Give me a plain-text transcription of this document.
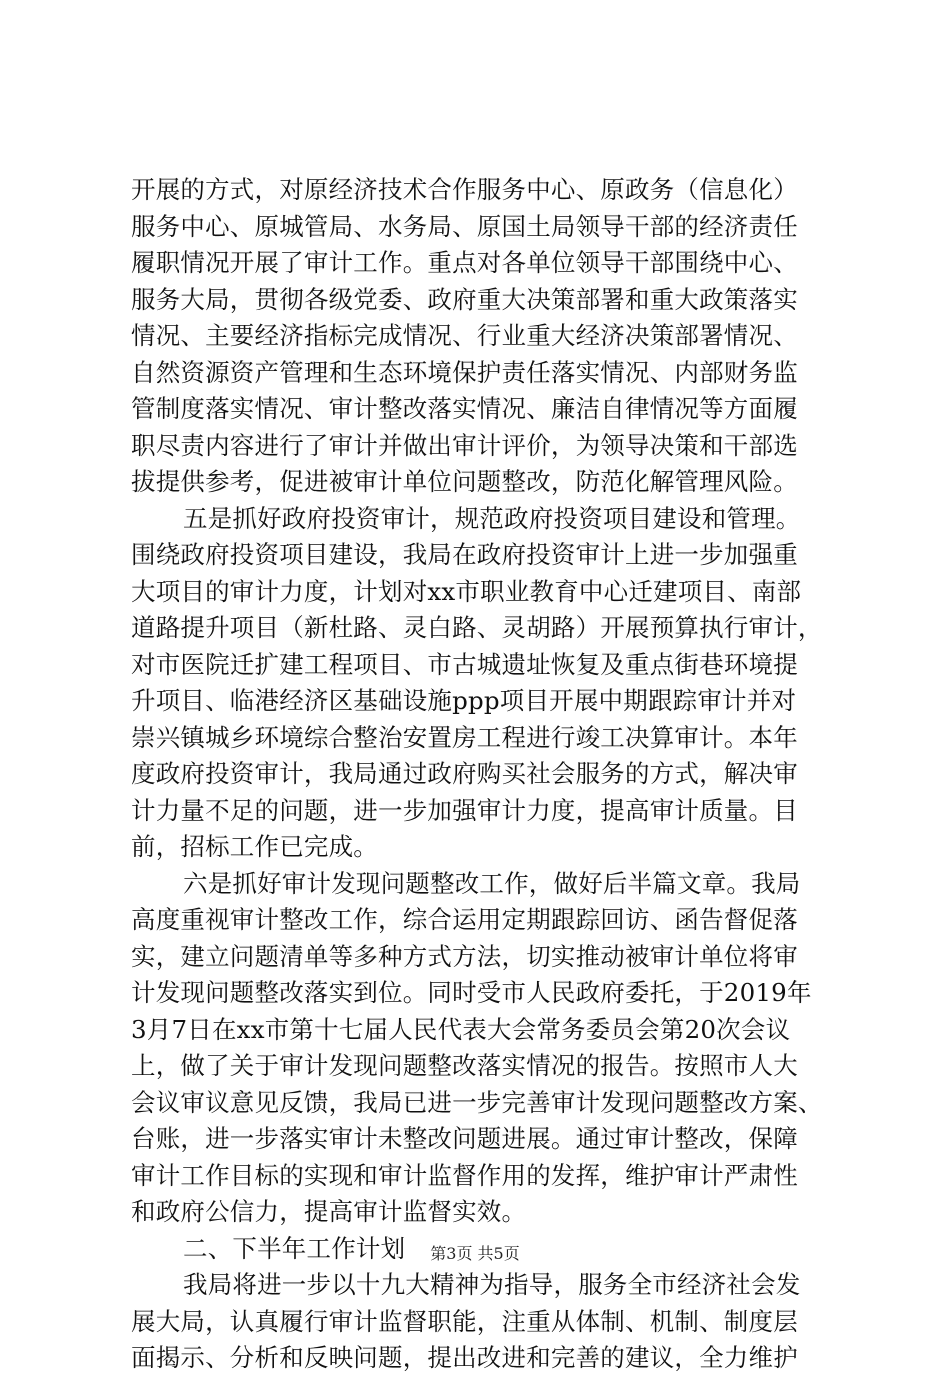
开展的方式，对原经济技术合作服务中心、原政务（信息化）
服务中心、原城管局、水务局、原国土局领导干部的经济责任
履职情况开展了审计工作。重点对各单位领导干部围绕中心、
服务大局，贯彻各级党委、政府重大决策部署和重大政策落实
情况、主要经济指标完成情况、行业重大经济决策部署情况、
自然资源资产管理和生态环境保护责任落实情况、内部财务监
管制度落实情况、审计整改落实情况、廉洁自律情况等方面履
职尽责内容进行了审计并做出审计评价，为领导决策和干部选
拔提供参考，促进被审计单位问题整改，防范化解管理风险。
五是抓好政府投资审计，规范政府投资项目建设和管理。
围绕政府投资项目建设，我局在政府投资审计上进一步加强重
大项目的审计力度，计划对xx市职业教育中心迁建项目、南部
道路提升项目（新杜路、灵白路、灵胡路）开展预算执行审计，
对市医院迁扩建工程项目、市古城遗址恢复及重点街巷环境提
升项目、临港经济区基础设施ppp项目开展中期跟踪审计并对
崇兴镇城乡环境综合整治安置房工程进行竣工决算审计。本年
度政府投资审计，我局通过政府购买社会服务的方式，解决审
计力量不足的问题，进一步加强审计力度，提高审计质量。目
前，招标工作已完成。
六是抓好审计发现问题整改工作，做好后半篇文章。我局
高度重视审计整改工作，综合运用定期跟踪回访、函告督促落
实，建立问题清单等多种方式方法，切实推动被审计单位将审
计发现问题整改落实到位。同时受市人民政府委托，于2019年
3月7日在xx市第十七届人民代表大会常务委员会第20次会议
上，做了关于审计发现问题整改落实情况的报告。按照市人大
会议审议意见反馈，我局已进一步完善审计发现问题整改方案、
台账，进一步落实审计未整改问题进展。通过审计整改，保障
审计工作目标的实现和审计监督作用的发挥，维护审计严肃性
和政府公信力，提高审计监督实效。
二、下半年工作计划
我局将进一步以十九大精神为指导，服务全市经济社会发
展大局，认真履行审计监督职能，注重从体制、机制、制度层
面揭示、分析和反映问题，提出改进和完善的建议，全力维护
第3页 共5页
